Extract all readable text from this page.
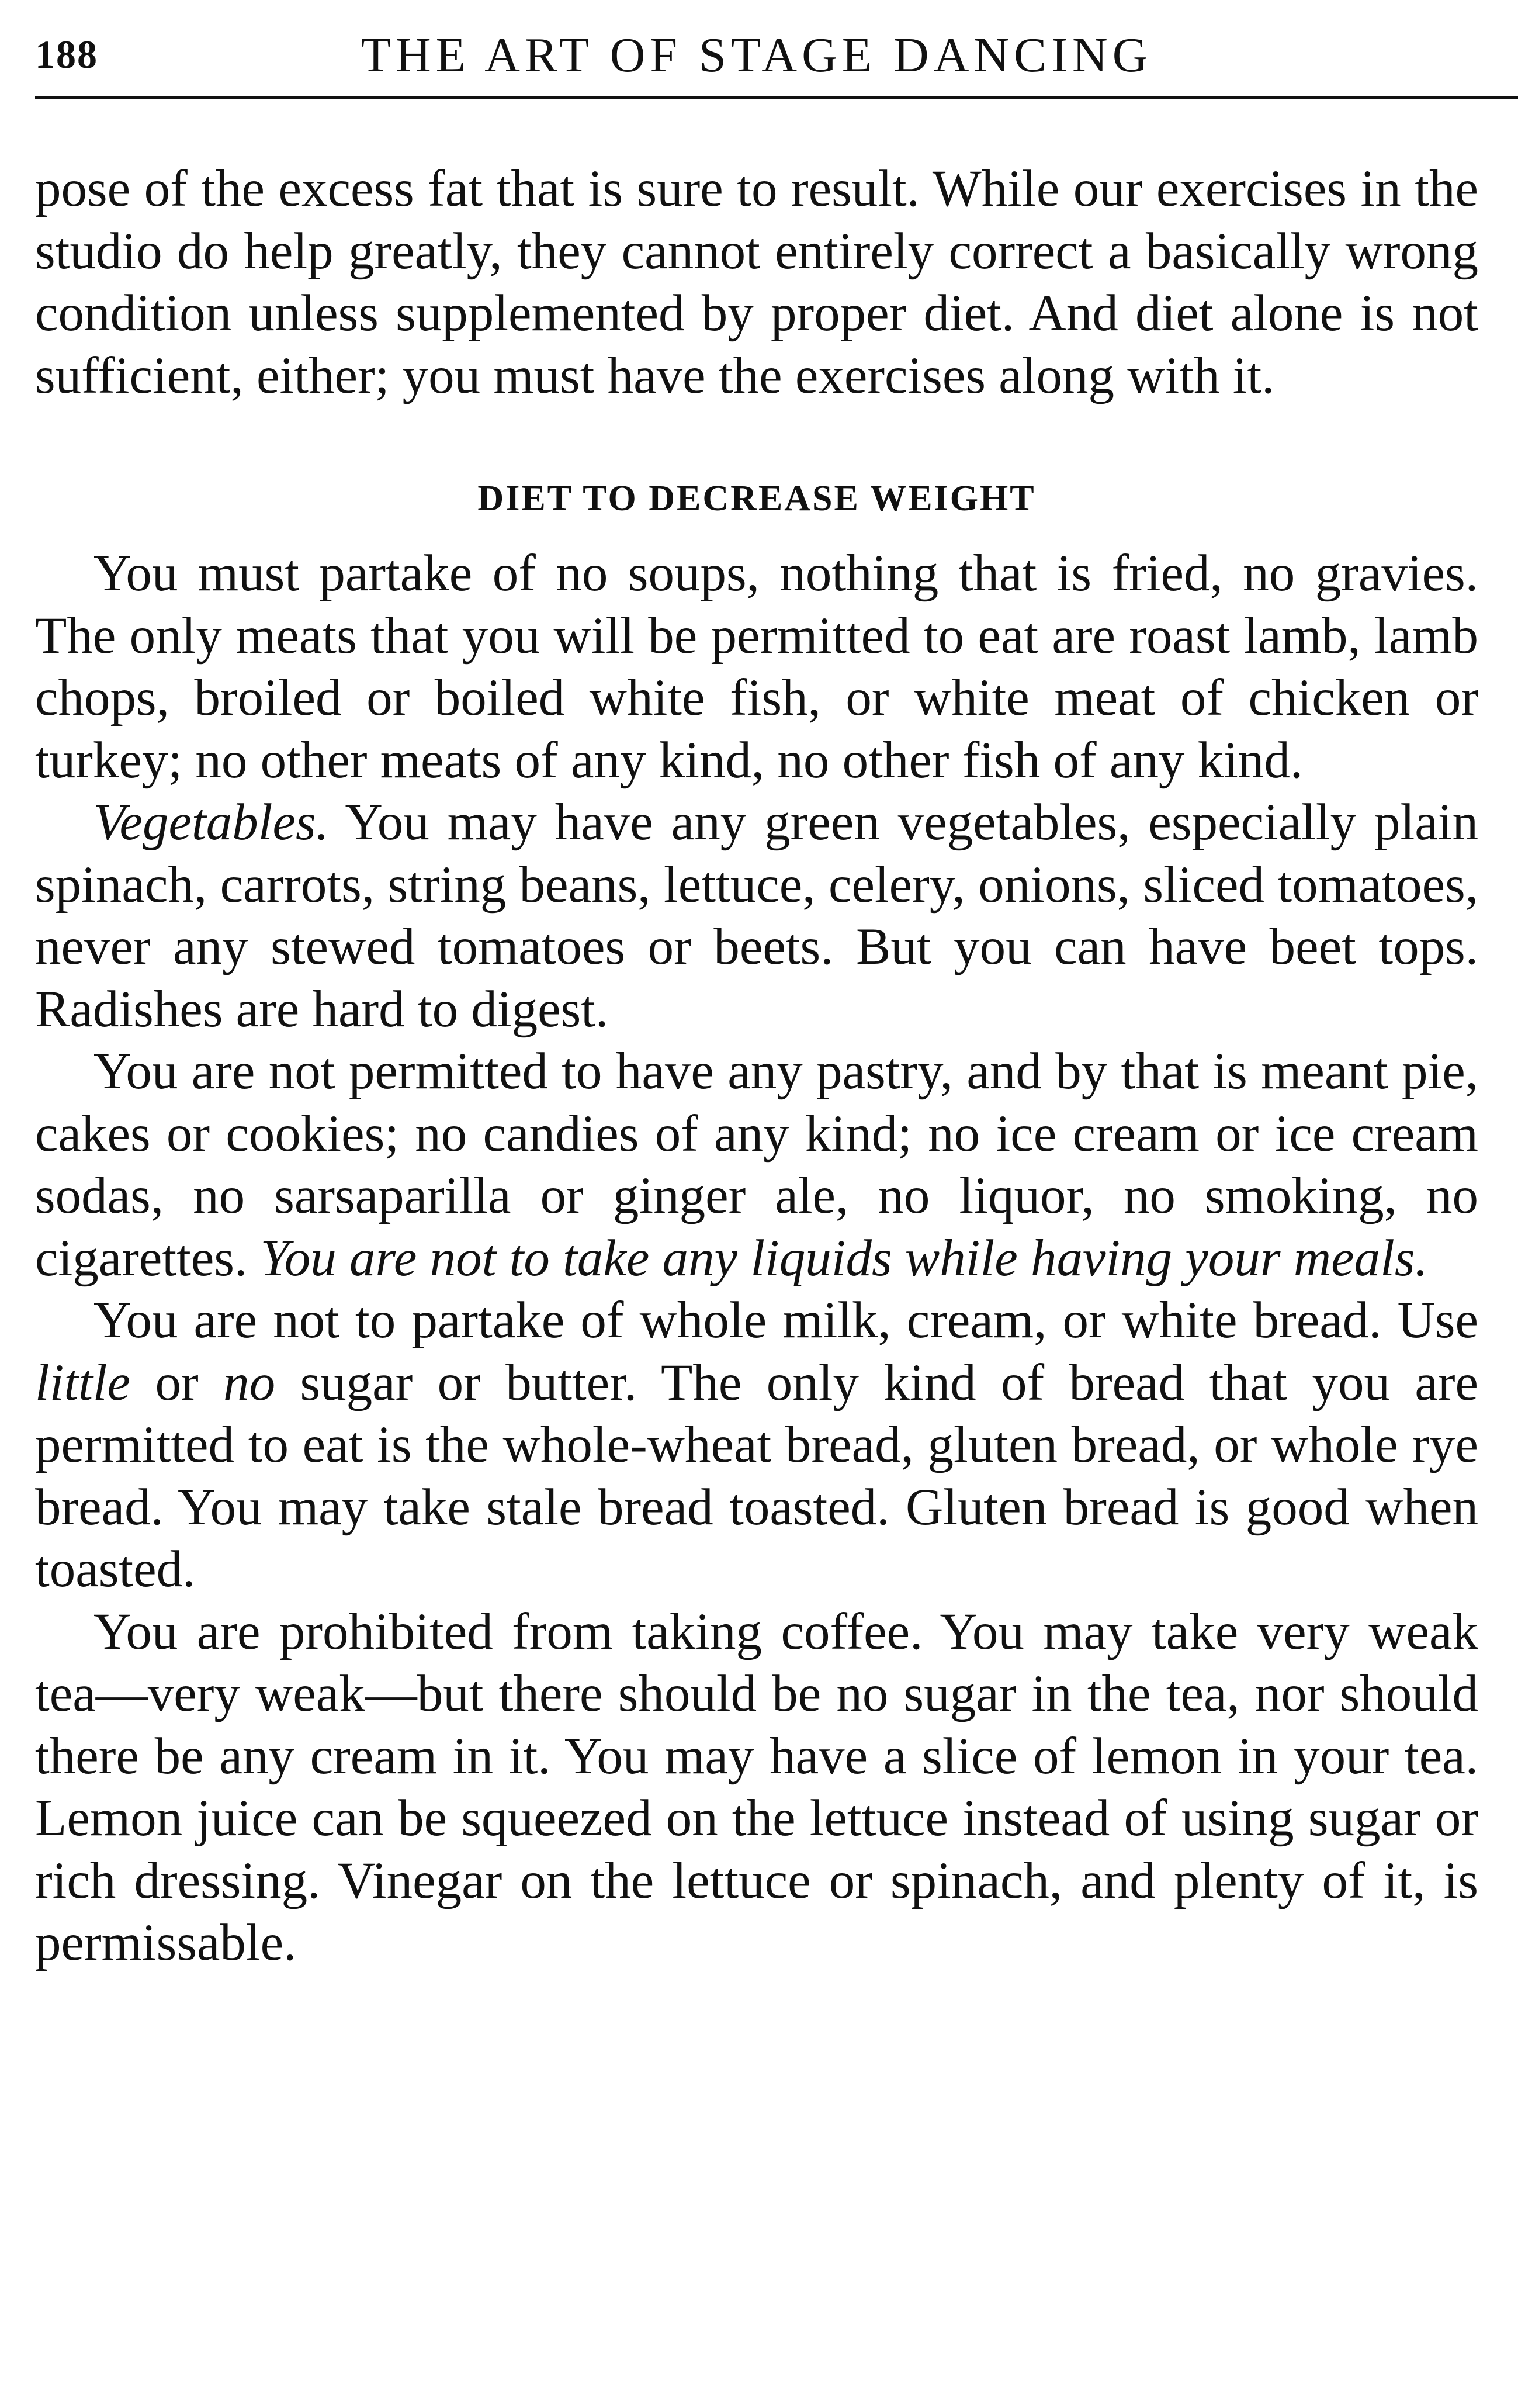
188	THE ART OF STAGE DANCING

pose of the excess fat that is sure to result. While our exercises in the studio do help greatly, they cannot entirely correct a basically wrong condition unless supplemented by proper diet. And diet alone is not sufficient, either; you must have the exercises along with it.

DIET TO DECREASE WEIGHT

You must partake of no soups, nothing that is fried, no gravies. The only meats that you will be permitted to eat are roast lamb, lamb chops, broiled or boiled white fish, or white meat of chicken or turkey; no other meats of any kind, no other fish of any kind.

Vegetables. You may have any green vegetables, especially plain spinach, carrots, string beans, lettuce, celery, onions, sliced tomatoes, never any stewed tomatoes or beets. But you can have beet tops. Radishes are hard to digest.

You are not permitted to have any pastry, and by that is meant pie, cakes or cookies; no candies of any kind; no ice cream or ice cream sodas, no sarsaparilla or ginger ale, no liquor, no smoking, no cigarettes. You are not to take any liquids while having your meals.

You are not to partake of whole milk, cream, or white bread. Use little or no sugar or butter. The only kind of bread that you are permitted to eat is the whole-wheat bread, gluten bread, or whole rye bread. You may take stale bread toasted. Gluten bread is good when toasted.

You are prohibited from taking coffee. You may take very weak tea—very weak—but there should be no sugar in the tea, nor should there be any cream in it. You may have a slice of lemon in your tea. Lemon juice can be squeezed on the lettuce instead of using sugar or rich dressing. Vinegar on the lettuce or spinach, and plenty of it, is permissable.
